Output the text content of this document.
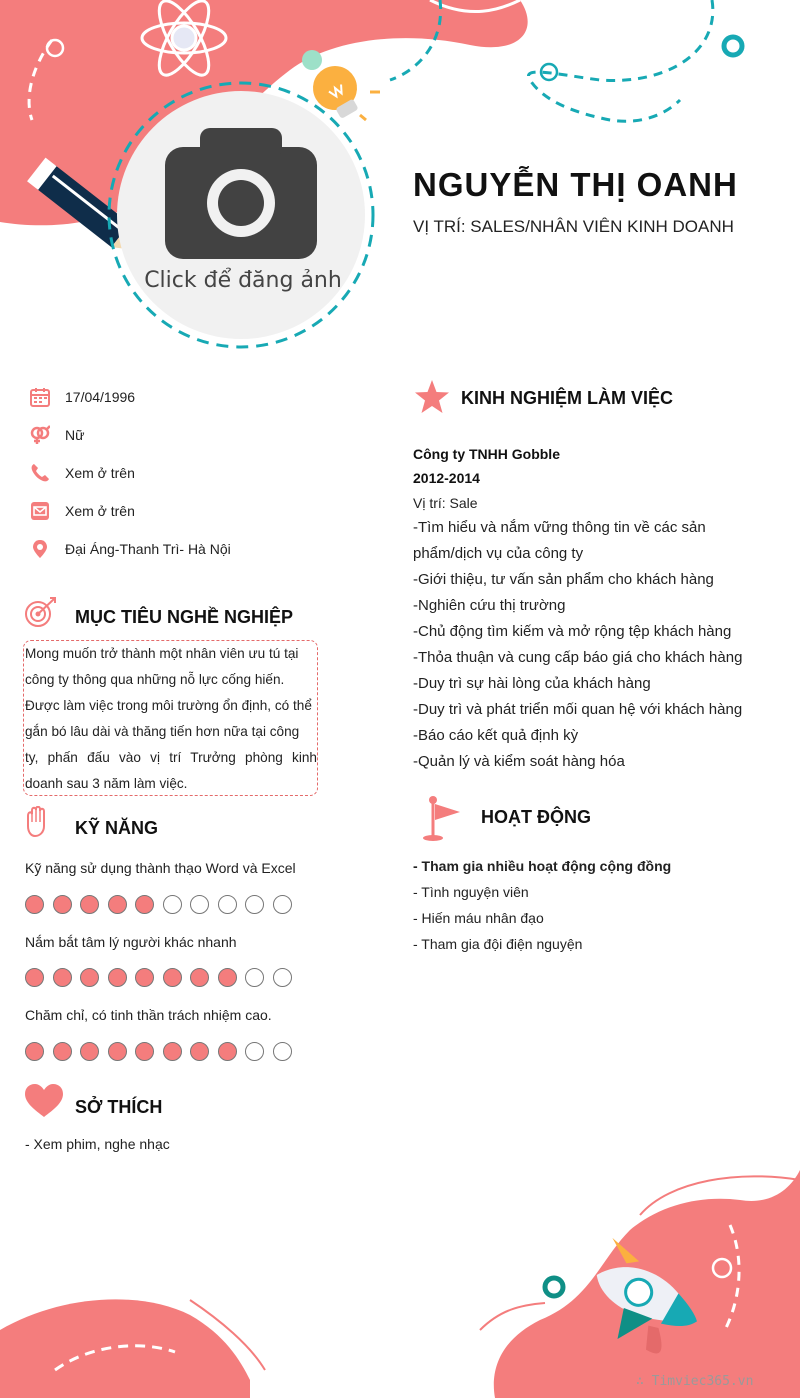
NGUYỄN THỊ OANH
VỊ TRÍ: SALES/NHÂN VIÊN KINH DOANH
Click để đăng ảnh
17/04/1996
Nữ
Xem ở trên
Xem ở trên
Đại Áng-Thanh Trì- Hà Nội
MỤC TIÊU NGHỀ NGHIỆP
Mong muốn trở thành một nhân viên ưu tú tại
công ty thông qua những nỗ lực cống hiến.
Được làm việc trong môi trường ổn định, có thể
gắn bó lâu dài và thăng tiến hơn nữa tại công
ty, phấn đấu vào vị trí Trưởng phòng kinh
doanh sau 3 năm làm việc.
KỸ NĂNG
Kỹ năng sử dụng thành thạo Word và Excel
Nắm bắt tâm lý người khác nhanh
Chăm chỉ, có tinh thần trách nhiệm cao.
SỞ THÍCH
- Xem phim, nghe nhạc
KINH NGHIỆM LÀM VIỆC
Công ty TNHH Gobble
2012-2014
Vị trí: Sale
-Tìm hiểu và nắm vững thông tin về các sản phẩm/dịch vụ của công ty
-Giới thiệu, tư vấn sản phẩm cho khách hàng
-Nghiên cứu thị trường
-Chủ động tìm kiếm và mở rộng tệp khách hàng
-Thỏa thuận và cung cấp báo giá cho khách hàng
-Duy trì sự hài lòng của khách hàng
-Duy trì và phát triển mối quan hệ với khách hàng
-Báo cáo kết quả định kỳ
-Quản lý và kiểm soát hàng hóa
HOẠT ĐỘNG
- Tham gia nhiều hoạt động cộng đồng
- Tình nguyện viên
- Hiến máu nhân đạo
- Tham gia đội điện nguyện
∴ Timviec365.vn
